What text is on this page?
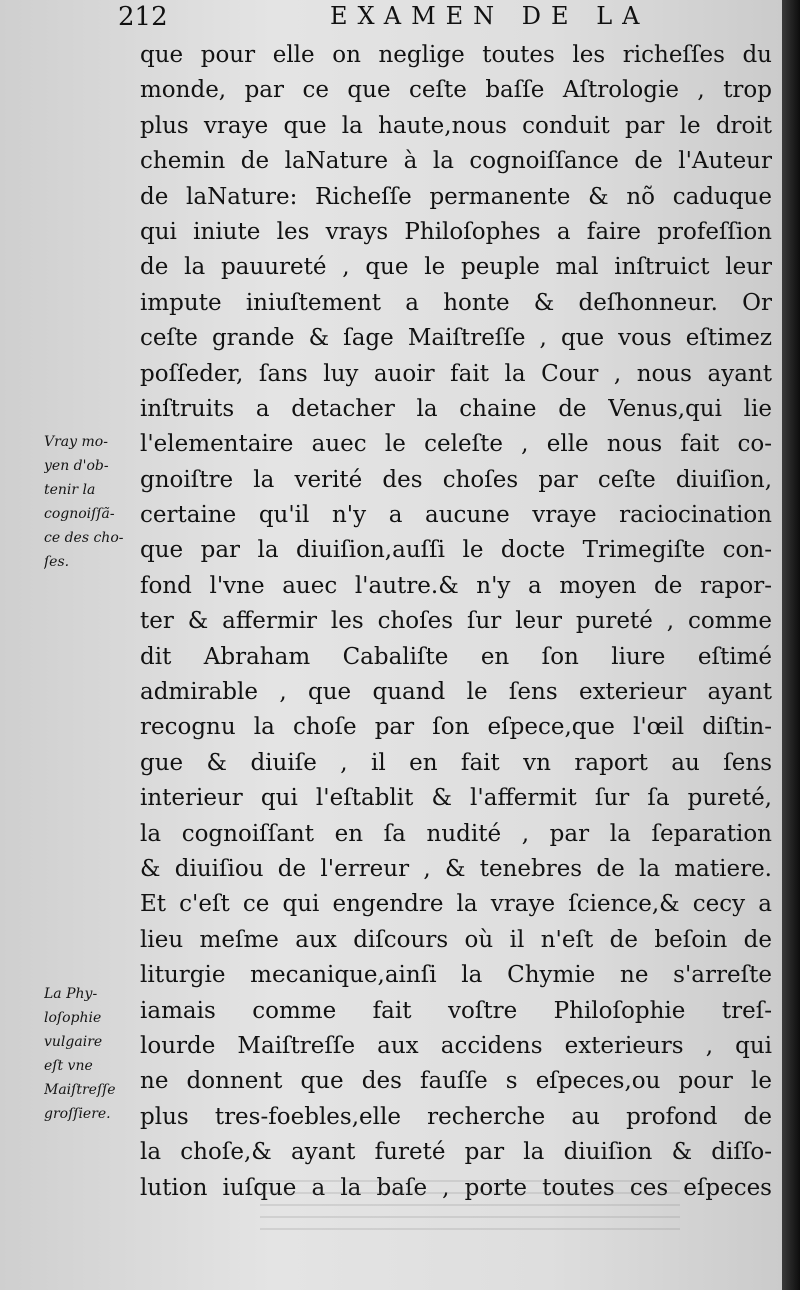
212	EXAMEN DE LA
que pour elle on neglige toutes les richeſſes du
monde, par ce que ceſte baſſe Aſtrologie , trop
plus vraye que la haute,nous conduit par le droit
chemin de laNature à la cognoiſſance de l'Auteur
de laNature: Richeſſe permanente & nõ caduque
qui iniute les vrays Philoſophes a faire profeſſion
de la pauureté , que le peuple mal inſtruict leur
impute iniuſtement a honte & deſhonneur. Or
ceſte grande & ſage Maiſtreſſe , que vous eſtimez
poſſeder, ſans luy auoir fait la Cour , nous ayant
inſtruits a detacher la chaine de Venus,qui lie
l'elementaire auec le celeſte , elle nous fait co-
gnoiſtre la verité des choſes par ceſte diuiſion,
certaine qu'il n'y a aucune vraye raciocination
que par la diuiſion,auſſi le docte Trimegiſte con-
fond l'vne auec l'autre.& n'y a moyen de rapor-
ter & affermir les choſes ſur leur pureté , comme
dit Abraham Cabaliſte en ſon liure eſtimé
admirable , que quand le ſens exterieur ayant
recognu la choſe par ſon eſpece,que l'œil diſtin-
gue & diuiſe , il en fait vn raport au ſens
interieur qui l'eſtablit & l'affermit ſur ſa pureté,
la cognoiſſant en ſa nudité , par la ſeparation
& diuiſiou de l'erreur , & tenebres de la matiere.
Et c'eſt ce qui engendre la vraye ſcience,& cecy a
lieu meſme aux diſcours où il n'eſt de beſoin de
liturgie mecanique,ainſi la Chymie ne s'arreſte
iamais comme fait voſtre Philoſophie treſ-
lourde Maiſtreſſe aux accidens exterieurs , qui
ne donnent que des fauſſe s eſpeces,ou pour le
plus tres-foebles,elle recherche au profond de
la choſe,& ayant fureté par la diuiſion & diſſo-
lution iuſque a la baſe , porte toutes ces eſpeces
Vray mo-
yen d'ob-
tenir la
cognoiſſã-
ce des cho-
ſes.
La Phy-
loſophie
vulgaire
eſt vne
Maiſtreſſe
groſſiere.
